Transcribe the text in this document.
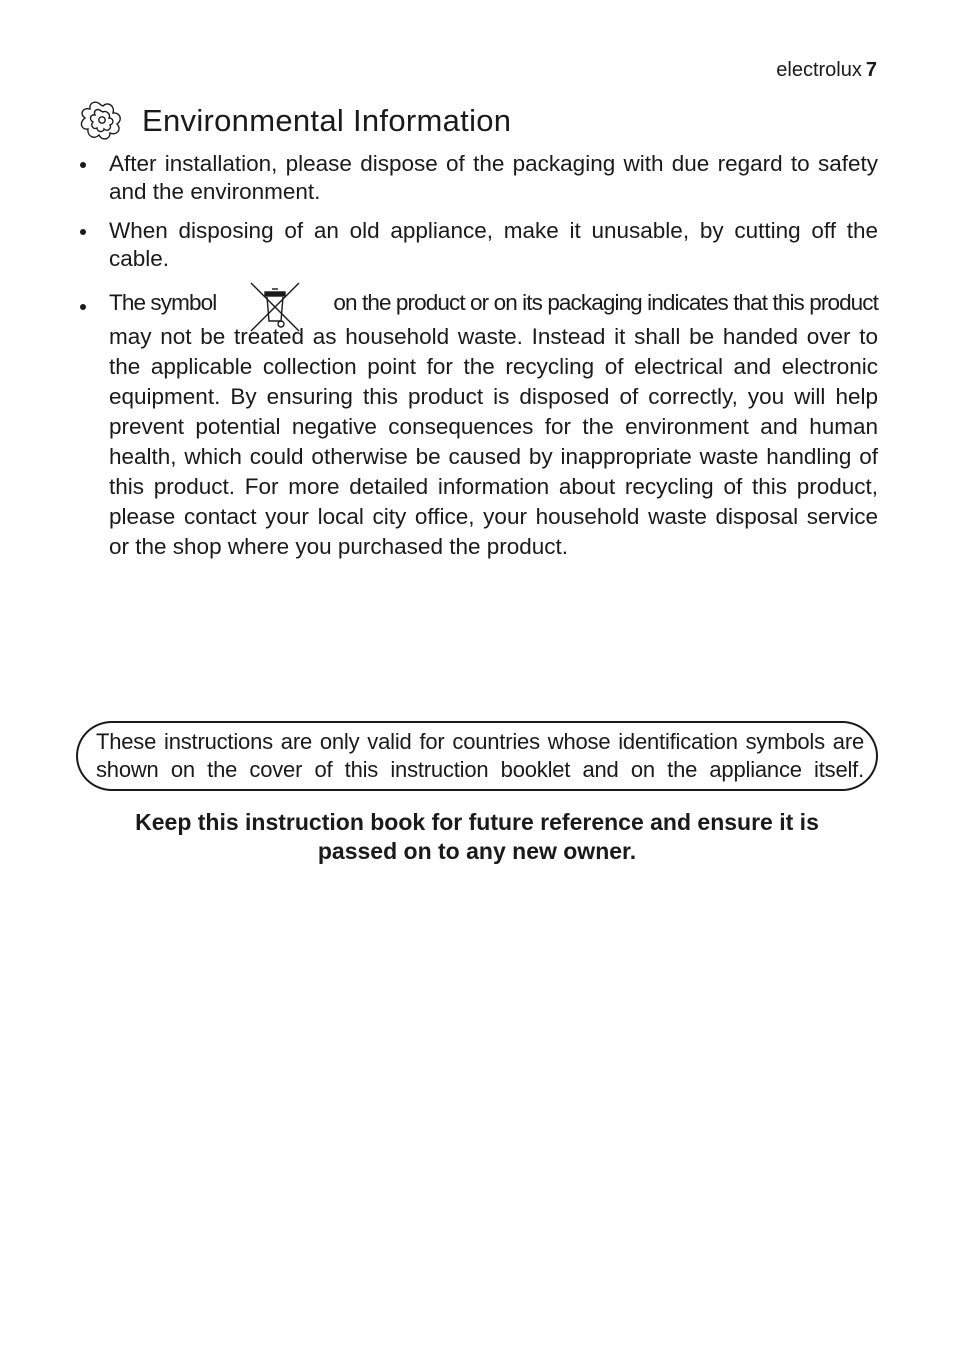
electrolux 7
Environmental Information
After installation, please dispose of the packaging with due regard to safety and the environment.
When disposing of an old appliance, make it unusable, by cutting off the cable.
The symbol	on the product or on its packaging indicates that this product
may not be treated as household waste. Instead it shall be handed over to the applicable collection point for the recycling of electrical and electronic equipment. By ensuring this product is disposed of correctly, you will help prevent potential negative consequences for the environment and human health, which could otherwise be caused by inappropriate waste handling of this product. For more detailed information about recycling of this product, please contact your local city office, your household waste disposal service or the shop where you purchased the product.
These instructions are only valid for countries whose identification symbols are shown on the cover of this instruction booklet and on the appliance itself.
Keep this instruction book for future reference and ensure it is
passed on to any new owner.
